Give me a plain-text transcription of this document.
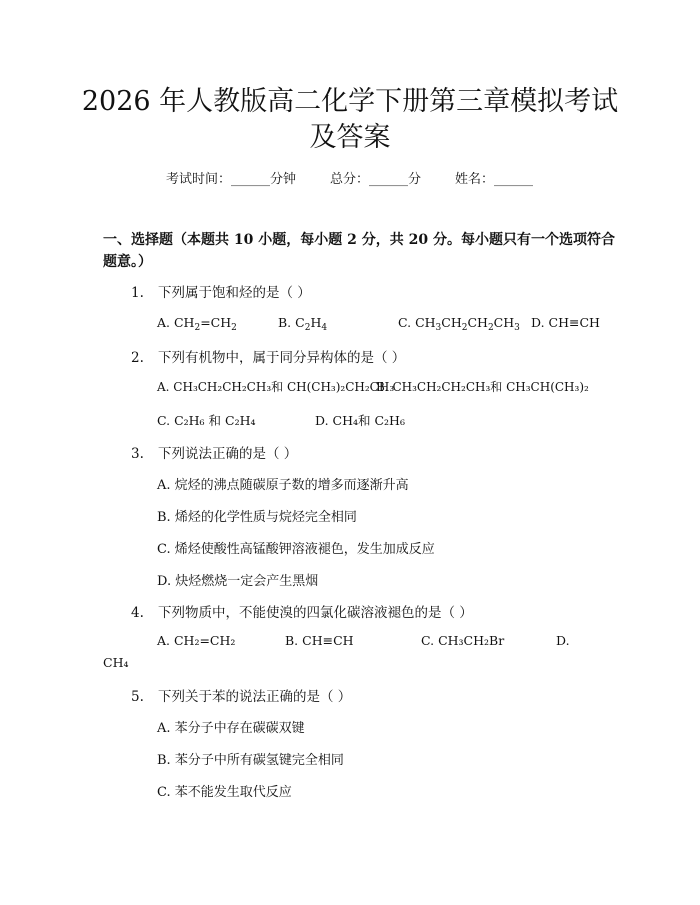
2026 年人教版高二化学下册第三章模拟考试
及答案
考试时间：______分钟	总分：______分	姓名：______
一、选择题（本题共 10 小题，每小题 2 分，共 20 分。每小题只有一个选项符合
题意。）
1. 下列属于饱和烃的是（ ）
A. $CH_2=CH_2$	B. $C_2H_4$	C. $CH_3CH_2CH_2CH_3$ D. CH≡CH
2. 下列有机物中，属于同分异构体的是（ ）
A. CH₃CH₂CH₂CH₃和 CH(CH₃)₂CH₂CH₃
B. CH₃CH₂CH₂CH₃和 CH₃CH(CH₃)₂
C. C₂H₆ 和 C₂H₄	D. CH₄和 C₂H₆
3. 下列说法正确的是（ ）
A. 烷烃的沸点随碳原子数的增多而逐渐升高
B. 烯烃的化学性质与烷烃完全相同
C. 烯烃使酸性高锰酸钾溶液褪色，发生加成反应
D. 炔烃燃烧一定会产生黑烟
4. 下列物质中，不能使溴的四氯化碳溶液褪色的是（ ）
A. CH₂=CH₂	B. CH≡CH	C. CH₃CH₂Br	D.
CH₄
5. 下列关于苯的说法正确的是（ ）
A. 苯分子中存在碳碳双键
B. 苯分子中所有碳氢键完全相同
C. 苯不能发生取代反应
